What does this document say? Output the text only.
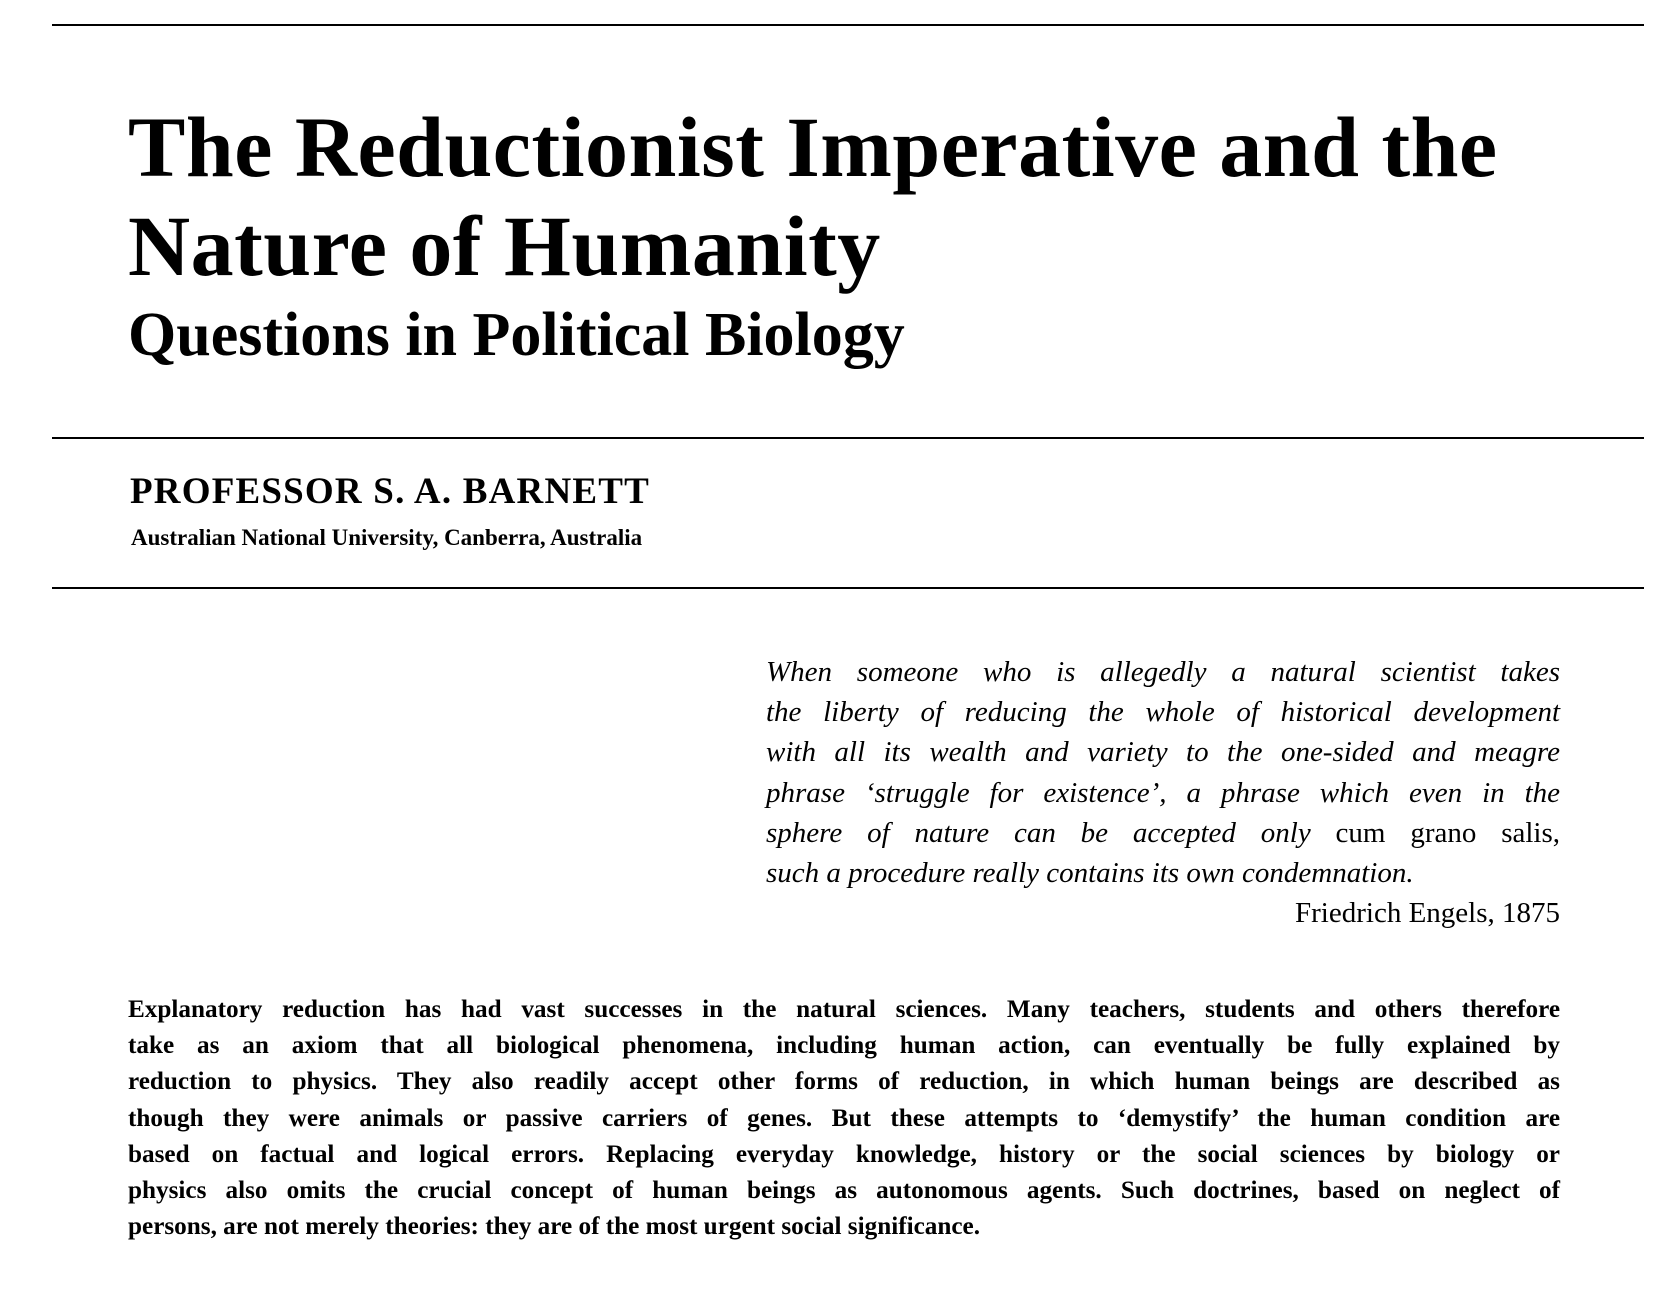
The Reductionist Imperative and the
Nature of Humanity
Questions in Political Biology
PROFESSOR S. A. BARNETT
Australian National University, Canberra, Australia
When someone who is allegedly a natural scientist takes
the liberty of reducing the whole of historical development
with all its wealth and variety to the one-sided and meagre
phrase ‘struggle for existence’, a phrase which even in the
sphere of nature can be accepted only cum grano salis,
such a procedure really contains its own condemnation.
Friedrich Engels, 1875
Explanatory reduction has had vast successes in the natural sciences. Many teachers, students and others therefore
take as an axiom that all biological phenomena, including human action, can eventually be fully explained by
reduction to physics. They also readily accept other forms of reduction, in which human beings are described as
though they were animals or passive carriers of genes. But these attempts to ‘demystify’ the human condition are
based on factual and logical errors. Replacing everyday knowledge, history or the social sciences by biology or
physics also omits the crucial concept of human beings as autonomous agents. Such doctrines, based on neglect of
persons, are not merely theories: they are of the most urgent social significance.
